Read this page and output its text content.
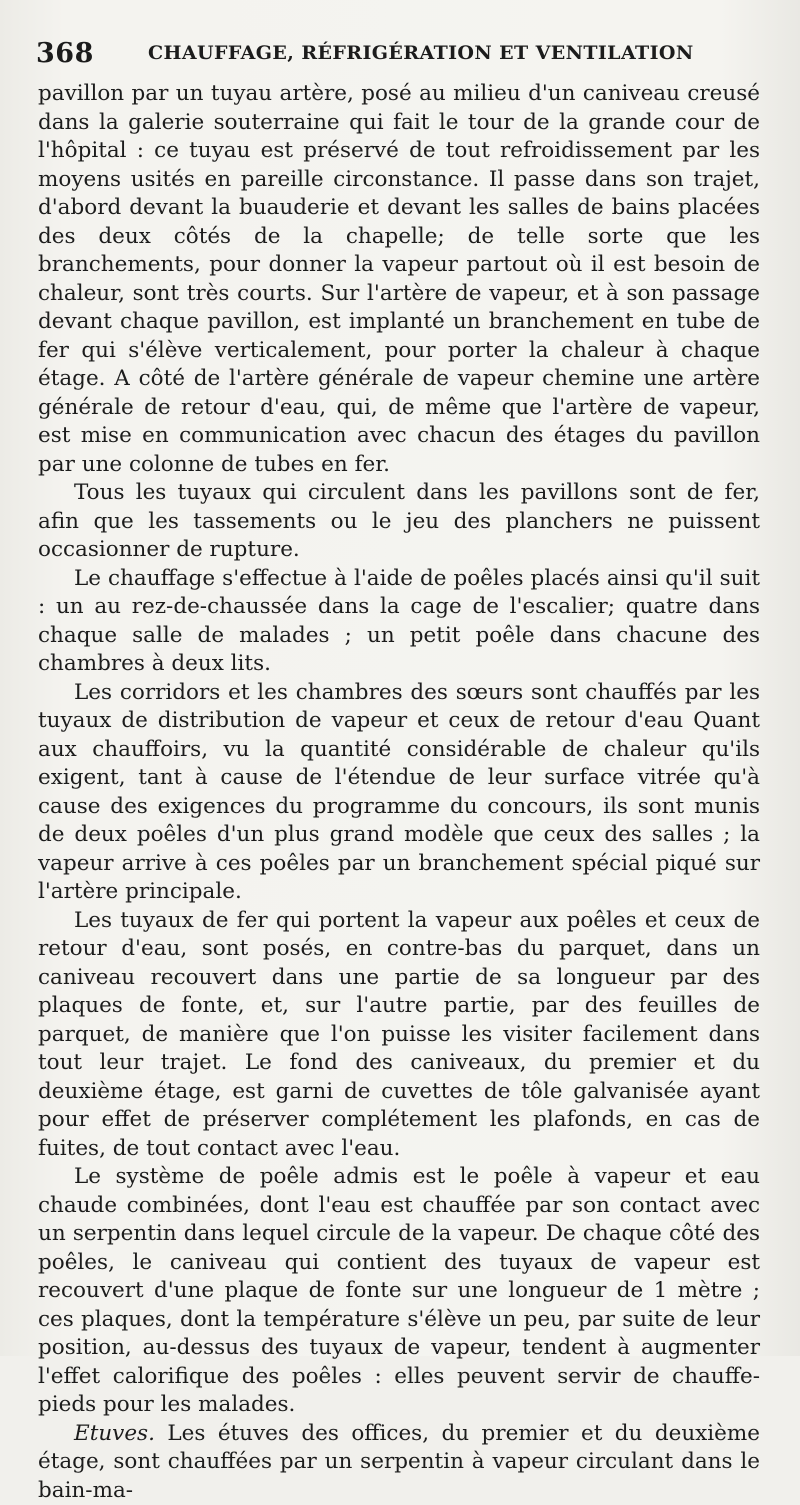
368	CHAUFFAGE, RÉFRIGÉRATION ET VENTILATION

pavillon par un tuyau artère, posé au milieu d'un caniveau creusé dans la galerie souterraine qui fait le tour de la grande cour de l'hôpital : ce tuyau est préservé de tout refroidissement par les moyens usités en pareille circonstance. Il passe dans son trajet, d'abord devant la buauderie et devant les salles de bains placées des deux côtés de la chapelle; de telle sorte que les branchements, pour donner la vapeur partout où il est besoin de chaleur, sont très courts. Sur l'artère de vapeur, et à son passage devant chaque pavillon, est implanté un branchement en tube de fer qui s'élève verticalement, pour porter la chaleur à chaque étage. A côté de l'artère générale de vapeur chemine une artère générale de retour d'eau, qui, de même que l'artère de vapeur, est mise en communication avec chacun des étages du pavillon par une colonne de tubes en fer.

Tous les tuyaux qui circulent dans les pavillons sont de fer, afin que les tassements ou le jeu des planchers ne puissent occasionner de rupture.

Le chauffage s'effectue à l'aide de poêles placés ainsi qu'il suit : un au rez-de-chaussée dans la cage de l'escalier; quatre dans chaque salle de malades ; un petit poêle dans chacune des chambres à deux lits.

Les corridors et les chambres des sœurs sont chauffés par les tuyaux de distribution de vapeur et ceux de retour d'eau Quant aux chauffoirs, vu la quantité considérable de chaleur qu'ils exigent, tant à cause de l'étendue de leur surface vitrée qu'à cause des exigences du programme du concours, ils sont munis de deux poêles d'un plus grand modèle que ceux des salles ; la vapeur arrive à ces poêles par un branchement spécial piqué sur l'artère principale.

Les tuyaux de fer qui portent la vapeur aux poêles et ceux de retour d'eau, sont posés, en contre-bas du parquet, dans un caniveau recouvert dans une partie de sa longueur par des plaques de fonte, et, sur l'autre partie, par des feuilles de parquet, de manière que l'on puisse les visiter facilement dans tout leur trajet. Le fond des caniveaux, du premier et du deuxième étage, est garni de cuvettes de tôle galvanisée ayant pour effet de préserver complétement les plafonds, en cas de fuites, de tout contact avec l'eau.

Le système de poêle admis est le poêle à vapeur et eau chaude combinées, dont l'eau est chauffée par son contact avec un serpentin dans lequel circule de la vapeur. De chaque côté des poêles, le caniveau qui contient des tuyaux de vapeur est recouvert d'une plaque de fonte sur une longueur de 1 mètre ; ces plaques, dont la température s'élève un peu, par suite de leur position, au-dessus des tuyaux de vapeur, tendent à augmenter l'effet calorifique des poêles : elles peuvent servir de chauffe-pieds pour les malades.

Etuves. Les étuves des offices, du premier et du deuxième étage, sont chauffées par un serpentin à vapeur circulant dans le bain-ma-
